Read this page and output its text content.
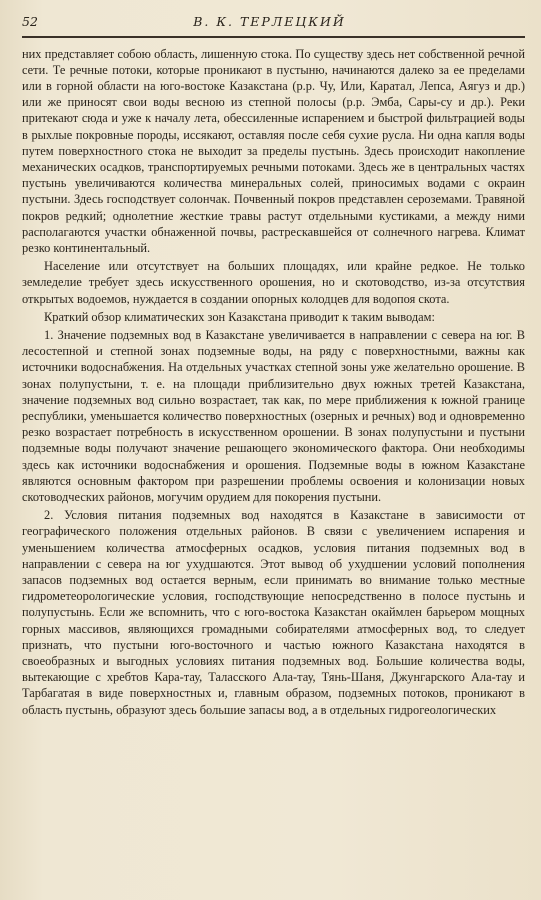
52	В. К. ТЕРЛЕЦКИЙ

них представляет собою область, лишенную стока. По существу здесь нет собственной речной сети. Те речные потоки, которые проникают в пустыню, начинаются далеко за ее пределами или в горной области на юго-востоке Казакстана (р.р. Чу, Или, Каратал, Лепса, Аягуз и др.) или же приносят свои воды весною из степной полосы (р.р. Эмба, Сары-су и др.). Реки притекают сюда и уже к началу лета, обессиленные испарением и быстрой фильтрацией воды в рыхлые покровные породы, иссякают, оставляя после себя сухие русла. Ни одна капля воды путем поверхностного стока не выходит за пределы пустынь. Здесь происходит накопление механических осадков, транспортируемых речными потоками. Здесь же в центральных частях пустынь увеличиваются количества минеральных солей, приносимых водами с окраин пустыни. Здесь господствует солончак. Почвенный покров представлен сероземами. Травяной покров редкий; однолетние жесткие травы растут отдельными кустиками, а между ними располагаются участки обнаженной почвы, растрескавшейся от солнечного нагрева. Климат резко континентальный.

Население или отсутствует на больших площадях, или крайне редкое. Не только земледелие требует здесь искусственного орошения, но и скотоводство, из-за отсутствия открытых водоемов, нуждается в создании опорных колодцев для водопоя скота.

Краткий обзор климатических зон Казакстана приводит к таким выводам:

1. Значение подземных вод в Казакстане увеличивается в направлении с севера на юг. В лесостепной и степной зонах подземные воды, на ряду с поверхностными, важны как источники водоснабжения. На отдельных участках степной зоны уже желательно орошение. В зонах полупустыни, т. е. на площади приблизительно двух южных третей Казакстана, значение подземных вод сильно возрастает, так как, по мере приближения к южной границе республики, уменьшается количество поверхностных (озерных и речных) вод и одновременно резко возрастает потребность в искусственном орошении. В зонах полупустыни и пустыни подземные воды получают значение решающего экономического фактора. Они необходимы здесь как источники водоснабжения и орошения. Подземные воды в южном Казакстане являются основным фактором при разрешении проблемы освоения и колонизации новых скотоводческих районов, могучим орудием для покорения пустыни.

2. Условия питания подземных вод находятся в Казакстане в зависимости от географического положения отдельных районов. В связи с увеличением испарения и уменьшением количества атмосферных осадков, условия питания подземных вод в направлении с севера на юг ухудшаются. Этот вывод об ухудшении условий пополнения запасов подземных вод остается верным, если принимать во внимание только местные гидрометеорологические условия, господствующие непосредственно в полосе пустынь и полупустынь. Если же вспомнить, что с юго-востока Казакстан окаймлен барьером мощных горных массивов, являющихся громадными собирателями атмосферных вод, то следует признать, что пустыни юго-восточного и частью южного Казакстана находятся в своеобразных и выгодных условиях питания подземных вод. Большие количества воды, вытекающие с хребтов Кара-тау, Таласского Ала-тау, Тянь-Шаня, Джунгарского Ала-тау и Тарбагатая в виде поверхностных и, главным образом, подземных потоков, проникают в область пустынь, образуют здесь большие запасы вод, а в отдельных гидрогеологических
